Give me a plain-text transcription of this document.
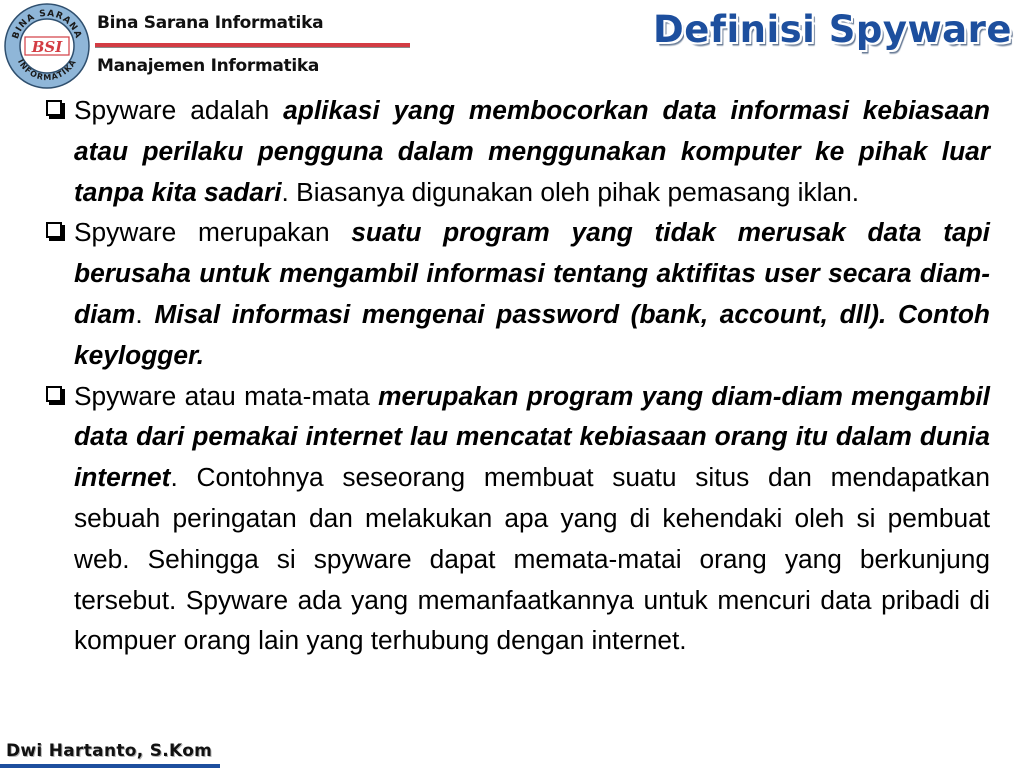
BINA SARANA
INFORMATIKA
BSI
Bina Sarana Informatika
Manajemen Informatika
Definisi Spyware

Spyware adalah aplikasi yang membocorkan data informasi kebiasaan atau perilaku pengguna dalam menggunakan komputer ke pihak luar tanpa kita sadari. Biasanya digunakan oleh pihak pemasang iklan.

Spyware merupakan suatu program yang tidak merusak data tapi berusaha untuk mengambil informasi tentang aktifitas user secara diam-diam. Misal informasi mengenai password (bank, account, dll). Contoh keylogger.

Spyware atau mata-mata merupakan program yang diam-diam mengambil data dari pemakai internet lau mencatat kebiasaan orang itu dalam dunia internet. Contohnya seseorang membuat suatu situs dan mendapatkan sebuah peringatan dan melakukan apa yang di kehendaki oleh si pembuat web. Sehingga si spyware dapat memata-matai orang yang berkunjung tersebut. Spyware ada yang memanfaatkannya untuk mencuri data pribadi di kompuer orang lain yang terhubung dengan internet.

Dwi Hartanto, S.Kom
